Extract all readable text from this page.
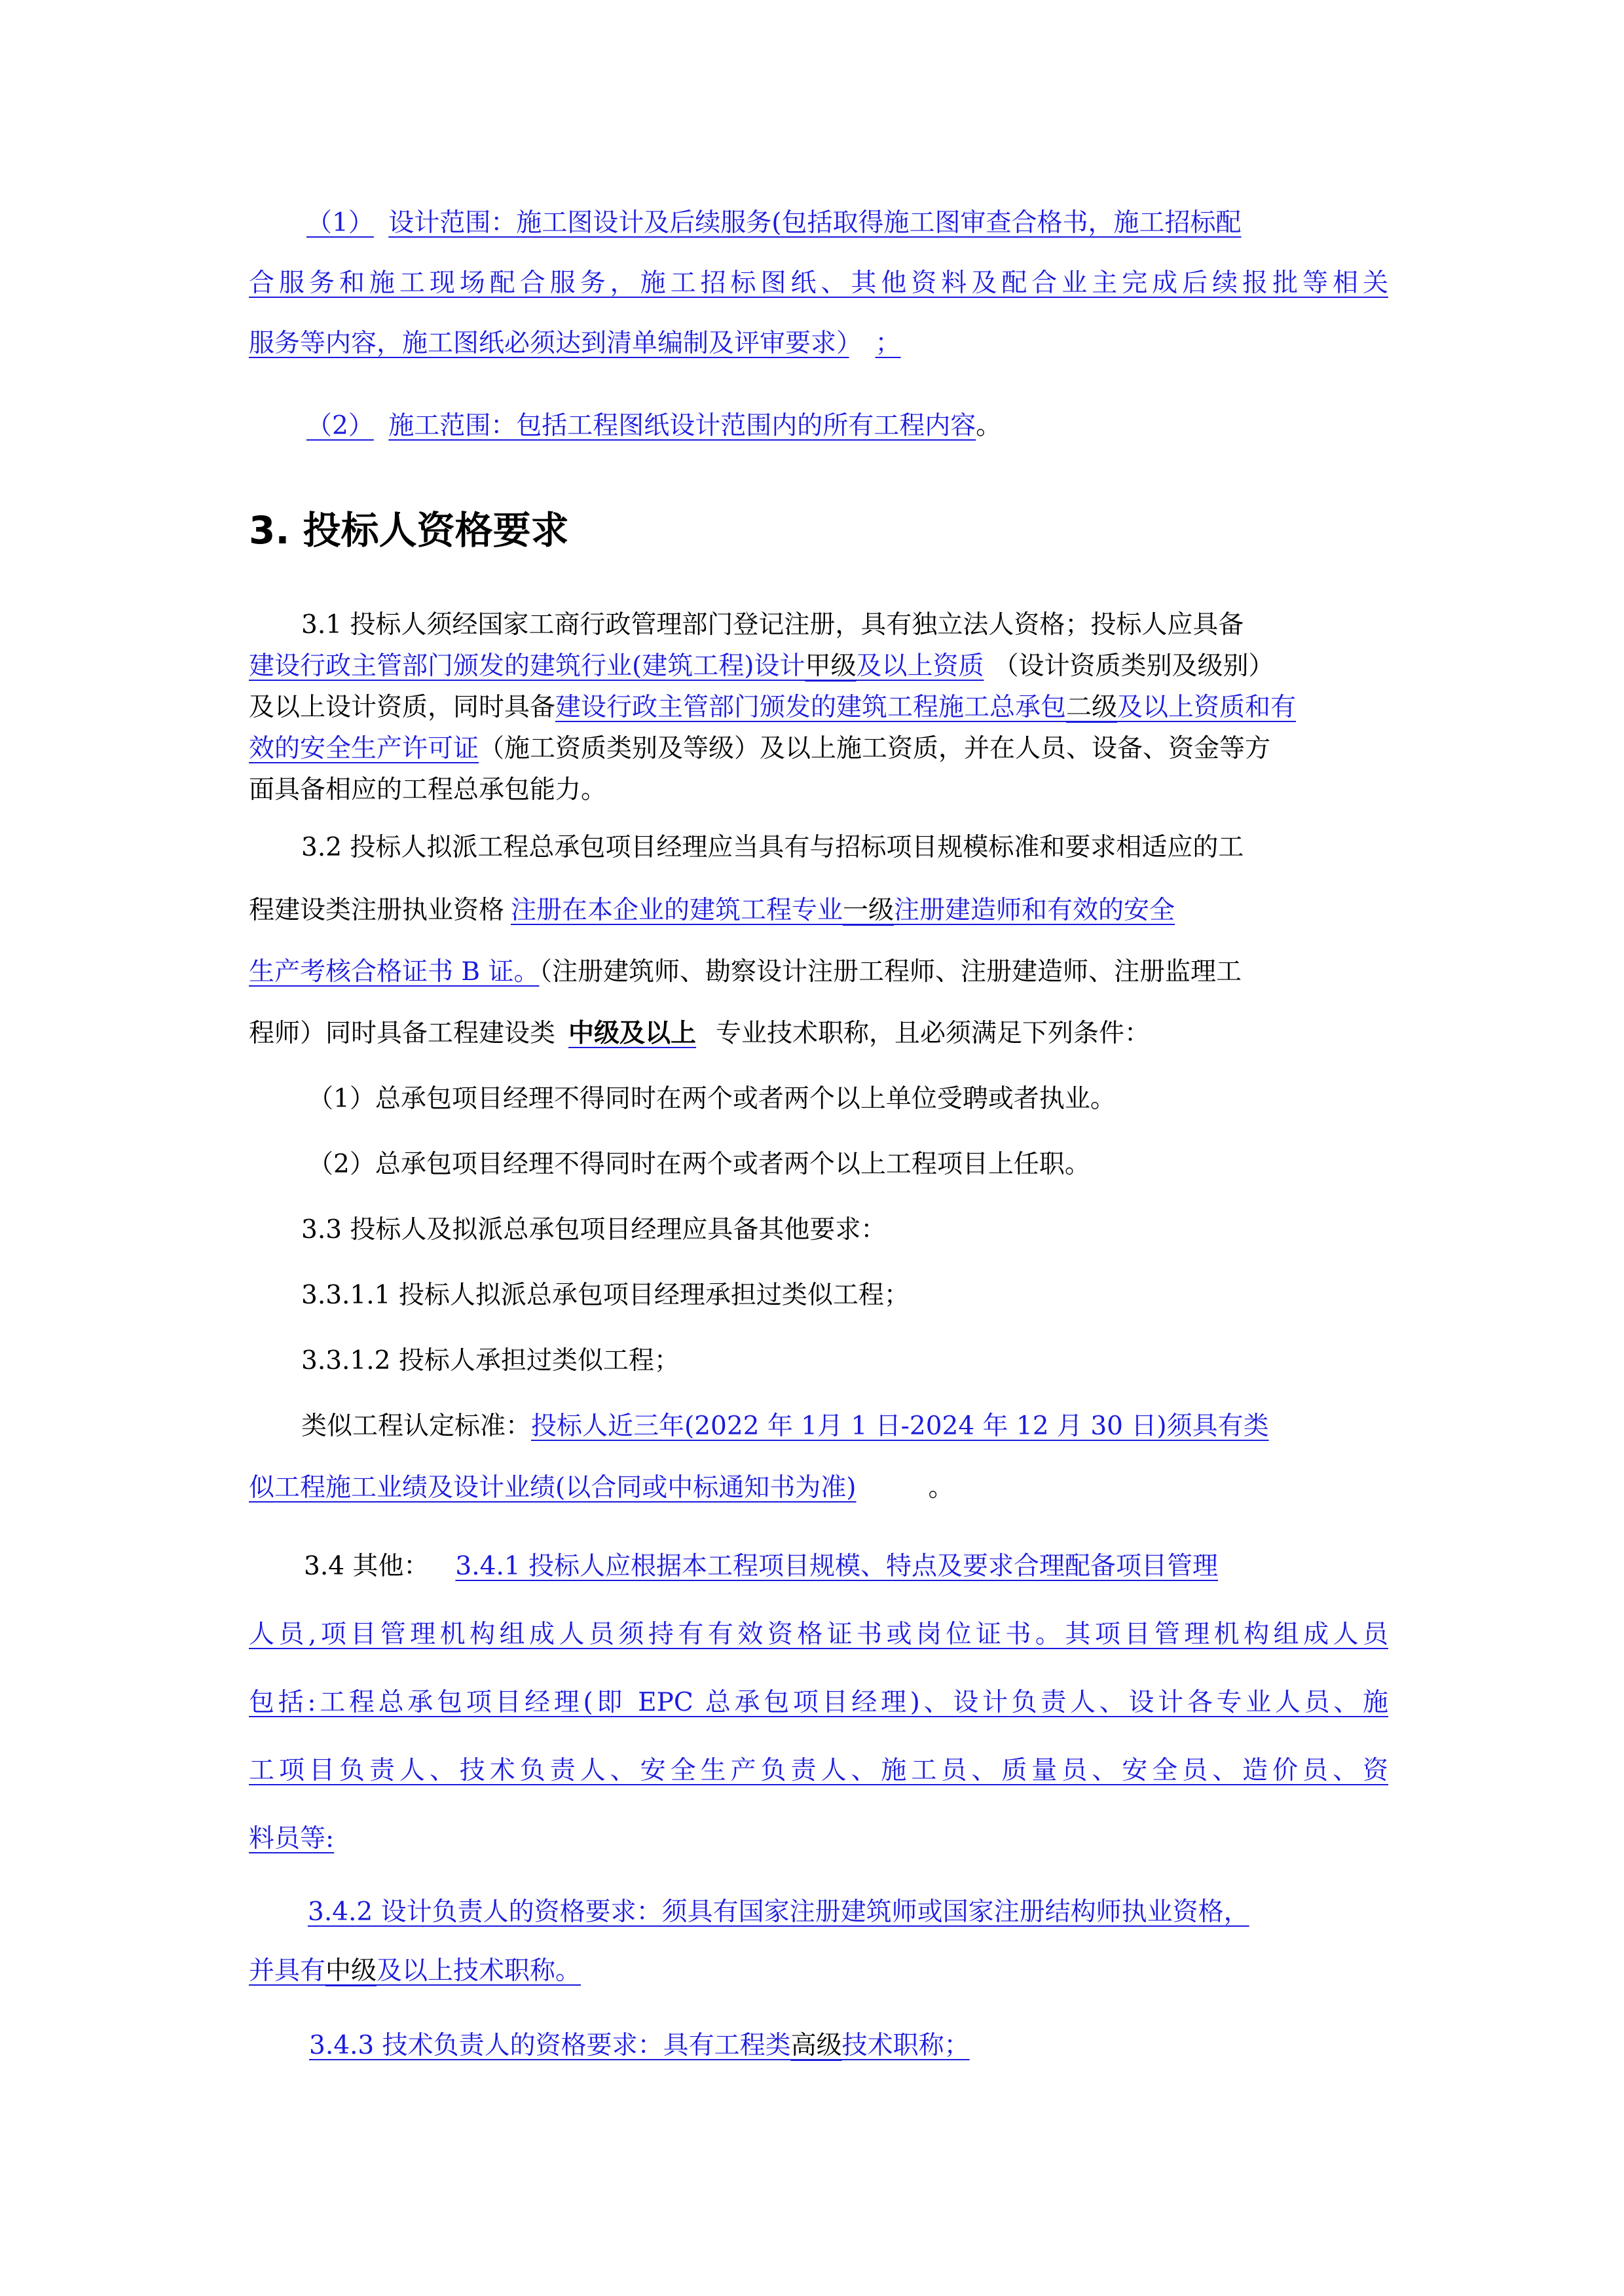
（1） 设计范围：施工图设计及后续服务(包括取得施工图审查合格书，施工招标配
合服务和施工现场配合服务，施工招标图纸、其他资料及配合业主完成后续报批等相关
服务等内容，施工图纸必须达到清单编制及评审要求） ；
（2） 施工范围：包括工程图纸设计范围内的所有工程内容。
3. 投标人资格要求
3.1 投标人须经国家工商行政管理部门登记注册，具有独立法人资格；投标人应具备
建设行政主管部门颁发的建筑行业(建筑工程)设计甲级及以上资质 （设计资质类别及级别）
及以上设计资质，同时具备建设行政主管部门颁发的建筑工程施工总承包二级及以上资质和有
效的安全生产许可证（施工资质类别及等级）及以上施工资质，并在人员、设备、资金等方
面具备相应的工程总承包能力。
3.2 投标人拟派工程总承包项目经理应当具有与招标项目规模标准和要求相适应的工
程建设类注册执业资格 注册在本企业的建筑工程专业一级注册建造师和有效的安全
生产考核合格证书 B 证。（注册建筑师、勘察设计注册工程师、注册建造师、注册监理工
程师）同时具备工程建设类 中级及以上 专业技术职称，且必须满足下列条件：
（1）总承包项目经理不得同时在两个或者两个以上单位受聘或者执业。
（2）总承包项目经理不得同时在两个或者两个以上工程项目上任职。
3.3 投标人及拟派总承包项目经理应具备其他要求：
3.3.1.1 投标人拟派总承包项目经理承担过类似工程；
3.3.1.2 投标人承担过类似工程；
类似工程认定标准：投标人近三年(2022 年 1月 1 日-2024 年 12 月 30 日)须具有类
似工程施工业绩及设计业绩(以合同或中标通知书为准)	。
3.4 其他： 3.4.1 投标人应根据本工程项目规模、特点及要求合理配备项目管理
人员,项目管理机构组成人员须持有有效资格证书或岗位证书。其项目管理机构组成人员
包括:工程总承包项目经理(即 EPC 总承包项目经理)、设计负责人、设计各专业人员、施
工项目负责人、技术负责人、安全生产负责人、施工员、质量员、安全员、造价员、资
料员等:
3.4.2 设计负责人的资格要求：须具有国家注册建筑师或国家注册结构师执业资格，
并具有中级及以上技术职称。
3.4.3 技术负责人的资格要求：具有工程类高级技术职称；
